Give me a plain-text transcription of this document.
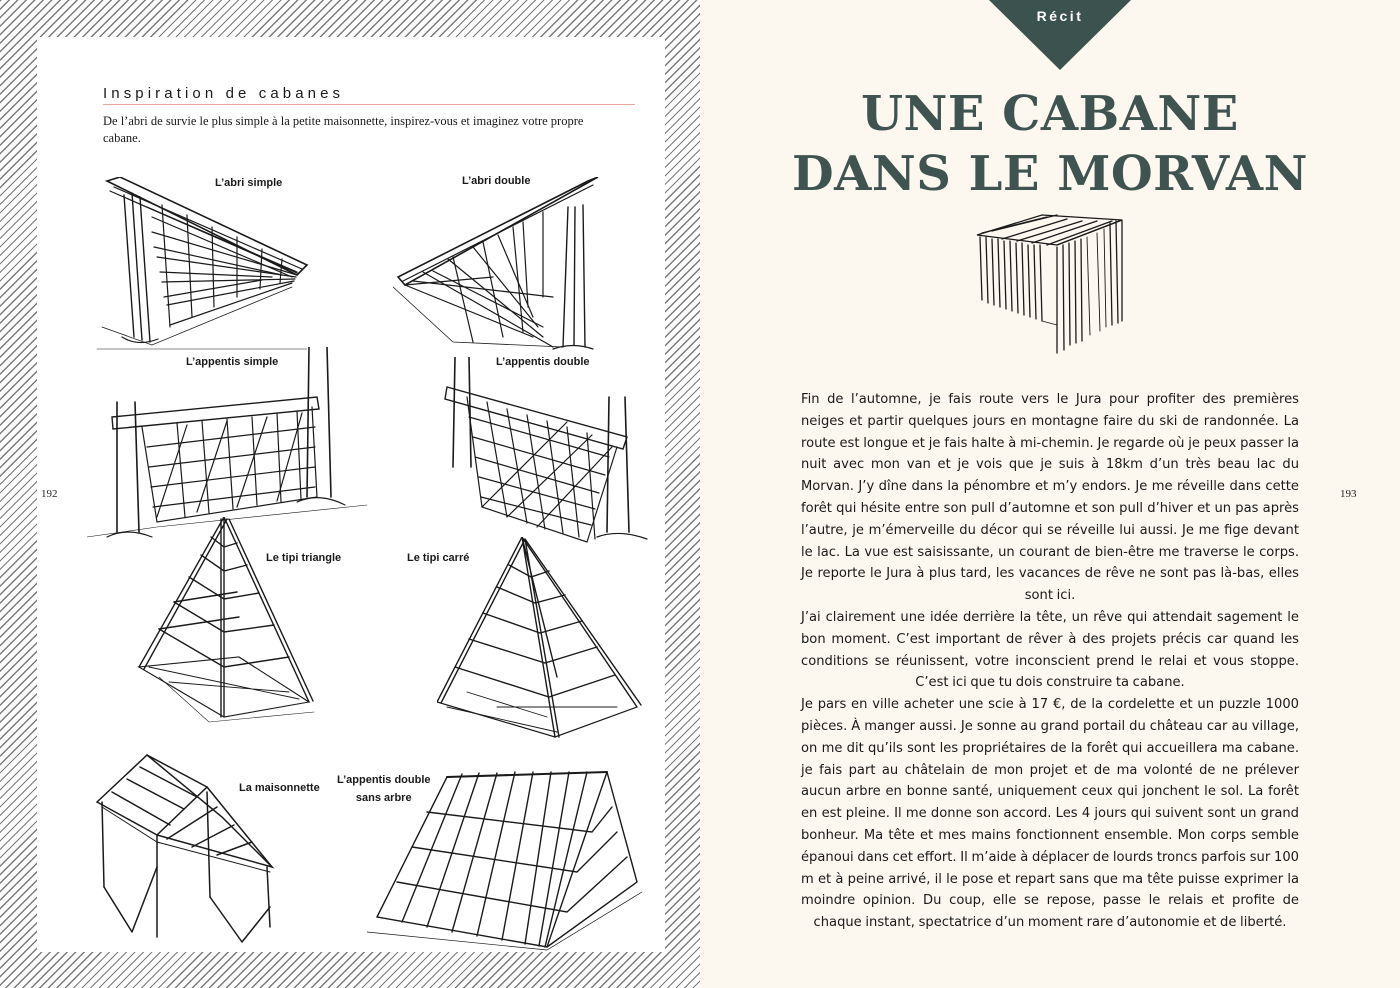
Inspiration de cabanes

De l’abri de survie le plus simple à la petite maisonnette, inspirez-vous et imaginez votre propre cabane.

L’abri simple	L’abri double
L’appentis simple	L’appentis double
Le tipi triangle	Le tipi carré
La maisonnette
L’appentis double
sans arbre
192
Récit
UNE CABANE
DANS LE MORVAN

Fin de l’automne, je fais route vers le Jura pour profiter des premières neiges et partir quelques jours en montagne faire du ski de randonnée. La route est longue et je fais halte à mi-chemin. Je regarde où je peux passer la nuit avec mon van et je vois que je suis à 18km d’un très beau lac du Morvan. J’y dîne dans la pénombre et m’y endors. Je me réveille dans cette forêt qui hésite entre son pull d’automne et son pull d’hiver et un pas après l’autre, je m’émerveille du décor qui se réveille lui aussi. Je me fige devant le lac. La vue est saisissante, un courant de bien-être me traverse le corps. Je reporte le Jura à plus tard, les vacances de rêve ne sont pas là-bas, elles sont ici.

J’ai clairement une idée derrière la tête, un rêve qui attendait sagement le bon moment. C’est important de rêver à des projets précis car quand les conditions se réunissent, votre inconscient prend le relai et vous stoppe. C’est ici que tu dois construire ta cabane.

Je pars en ville acheter une scie à 17 €, de la cordelette et un puzzle 1000 pièces. À manger aussi. Je sonne au grand portail du château car au village, on me dit qu’ils sont les propriétaires de la forêt qui accueillera ma cabane. je fais part au châtelain de mon projet et de ma volonté de ne prélever aucun arbre en bonne santé, uniquement ceux qui jonchent le sol. La forêt en est pleine. Il me donne son accord. Les 4 jours qui suivent sont un grand bonheur. Ma tête et mes mains fonctionnent ensemble. Mon corps semble épanoui dans cet effort. Il m’aide à déplacer de lourds troncs parfois sur 100 m et à peine arrivé, il le pose et repart sans que ma tête puisse exprimer la moindre opinion. Du coup, elle se repose, passe le relais et profite de chaque instant, spectatrice d’un moment rare d’autonomie et de liberté.

193
